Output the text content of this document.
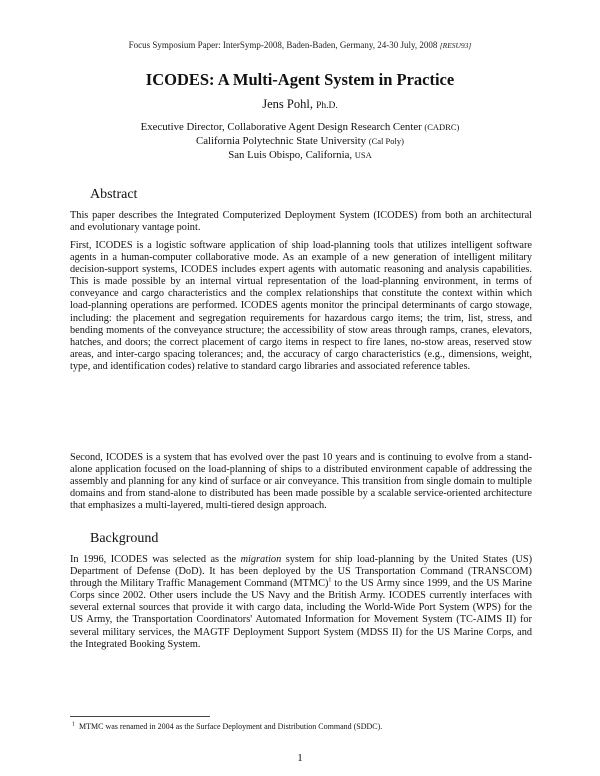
Focus Symposium Paper: InterSymp-2008, Baden-Baden, Germany, 24-30 July, 2008 [RESU93]
ICODES: A Multi-Agent System in Practice
Jens Pohl, Ph.D.
Executive Director, Collaborative Agent Design Research Center (CADRC)
California Polytechnic State University (Cal Poly)
San Luis Obispo, California, USA
Abstract

This paper describes the Integrated Computerized Deployment System (ICODES) from both an architectural and evolutionary vantage point.

First, ICODES is a logistic software application of ship load-planning tools that utilizes intelligent software agents in a human-computer collaborative mode. As an example of a new generation of intelligent military decision-support systems, ICODES includes expert agents with automatic reasoning and analysis capabilities. This is made possible by an internal virtual representation of the load-planning environment, in terms of conveyance and cargo characteristics and the complex relationships that constitute the context within which load-planning operations are performed. ICODES agents monitor the principal determinants of cargo stowage, including: the placement and segregation requirements for hazardous cargo items; the trim, list, stress, and bending moments of the conveyance structure; the accessibility of stow areas through ramps, cranes, elevators, hatches, and doors; the correct placement of cargo items in respect to fire lanes, no-stow areas, reserved stow areas, and inter-cargo spacing tolerances; and, the accuracy of cargo characteristics (e.g., dimensions, weight, type, and identification codes) relative to standard cargo libraries and associated reference tables.

Second, ICODES is a system that has evolved over the past 10 years and is continuing to evolve from a stand-alone application focused on the load-planning of ships to a distributed environment capable of addressing the assembly and planning for any kind of surface or air conveyance. This transition from single domain to multiple domains and from stand-alone to distributed has been made possible by a scalable service-oriented architecture that emphasizes a multi-layered, multi-tiered design approach.

Background

In 1996, ICODES was selected as the migration system for ship load-planning by the United States (US) Department of Defense (DoD). It has been deployed by the US Transportation Command (TRANSCOM) through the Military Traffic Management Command (MTMC)$^1$ to the US Army since 1999, and the US Marine Corps since 2002. Other users include the US Navy and the British Army. ICODES currently interfaces with several external sources that provide it with cargo data, including the World-Wide Port System (WPS) for the US Army, the Transportation Coordinators' Automated Information for Movement System (TC-AIMS II) for several military services, the MAGTF Deployment Support System (MDSS II) for the US Marine Corps, and the Integrated Booking System.

$^1$ MTMC was renamed in 2004 as the Surface Deployment and Distribution Command (SDDC).
1
